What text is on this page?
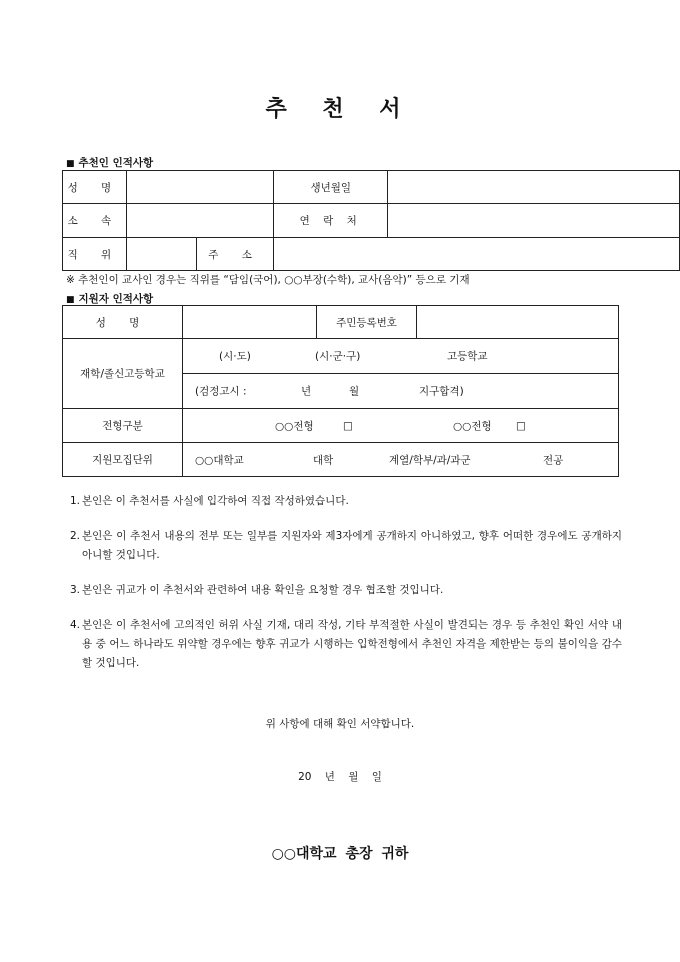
추 천 서
■ 추천인 인적사항
성 명			생년월일	
소 속			연 락 처	
직 위		주 소		
※ 추천인이 교사인 경우는 직위를 “담임(국어), ○○부장(수학), 교사(음악)” 등으로 기재
■ 지원자 인적사항
성 명		주민등록번호	
재학/졸신고등학교	(시·도) (시·군·구) 고등학교		

	(검정고시 : 년 월 지구합격)		

전형구분	○○전형 □ ○○전형 □		

지원모집단위	○○대학교 대학 계열/학부/과/과군 전공		
1. 본인은 이 추천서를 사실에 입각하여 직접 작성하였습니다.
2. 본인은 이 추천서 내용의 전부 또는 일부를 지원자와 제3자에게 공개하지 아니하였고, 향후 어떠한 경우에도 공개하지 아니할 것입니다.
3. 본인은 귀교가 이 추천서와 관련하여 내용 확인을 요청할 경우 협조할 것입니다.
4. 본인은 이 추천서에 고의적인 허위 사실 기재, 대리 작성, 기타 부적절한 사실이 발견되는 경우 등 추천인 확인 서약 내용 중 어느 하나라도 위약할 경우에는 향후 귀교가 시행하는 입학전형에서 추천인 자격을 제한받는 등의 불이익을 감수할 것입니다.
위 사항에 대해 확인 서약합니다.
20 년 월 일
○○대학교 총장 귀하
